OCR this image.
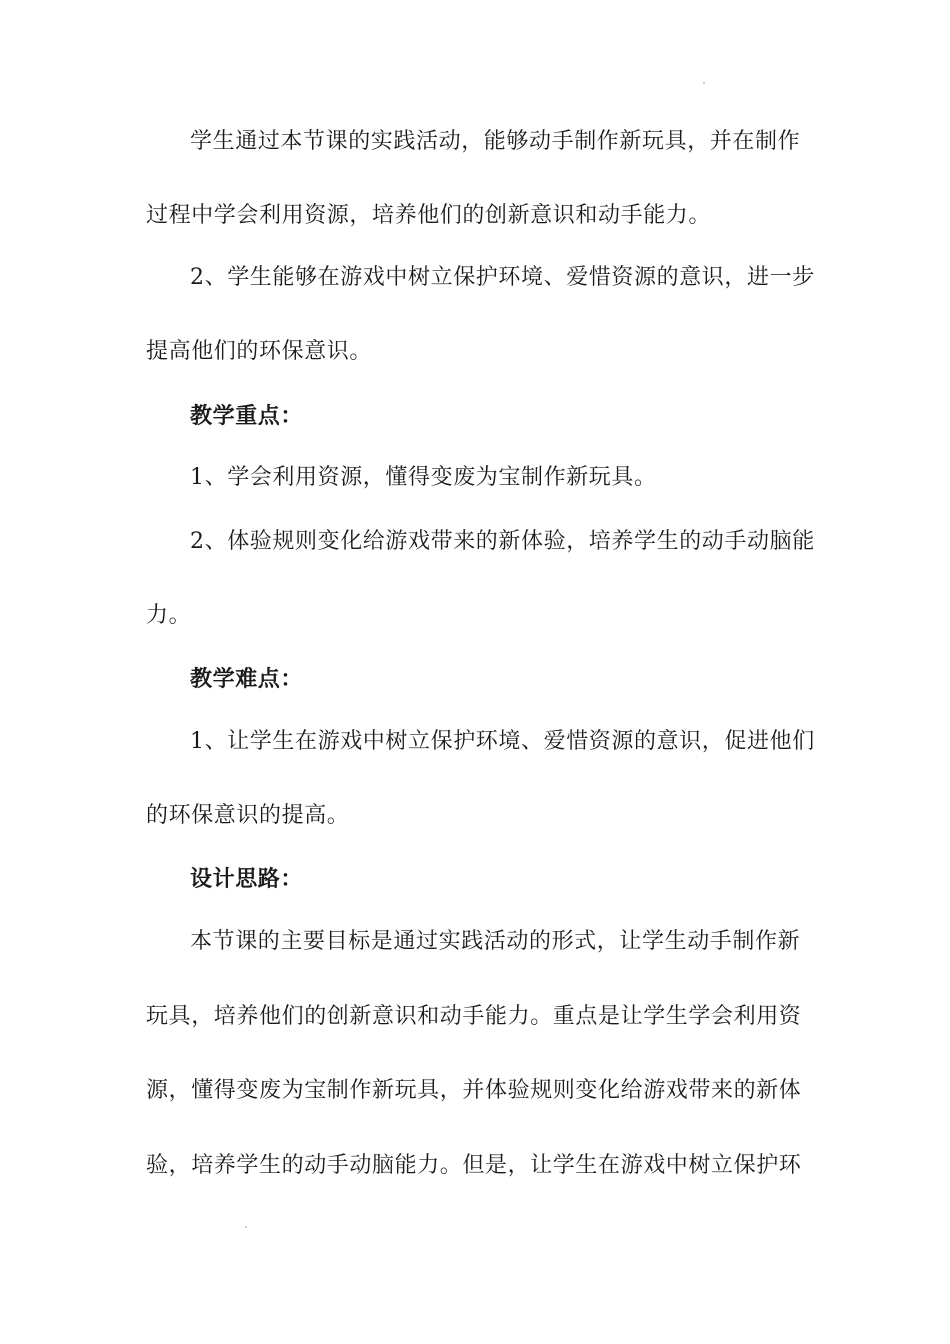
学生通过本节课的实践活动，能够动手制作新玩具，并在制作
过程中学会利用资源，培养他们的创新意识和动手能力。
2、学生能够在游戏中树立保护环境、爱惜资源的意识，进一步
提高他们的环保意识。
教学重点：
1、学会利用资源，懂得变废为宝制作新玩具。
2、体验规则变化给游戏带来的新体验，培养学生的动手动脑能
力。
教学难点：
1、让学生在游戏中树立保护环境、爱惜资源的意识，促进他们
的环保意识的提高。
设计思路：
本节课的主要目标是通过实践活动的形式，让学生动手制作新
玩具，培养他们的创新意识和动手能力。重点是让学生学会利用资
源，懂得变废为宝制作新玩具，并体验规则变化给游戏带来的新体
验，培养学生的动手动脑能力。但是，让学生在游戏中树立保护环
